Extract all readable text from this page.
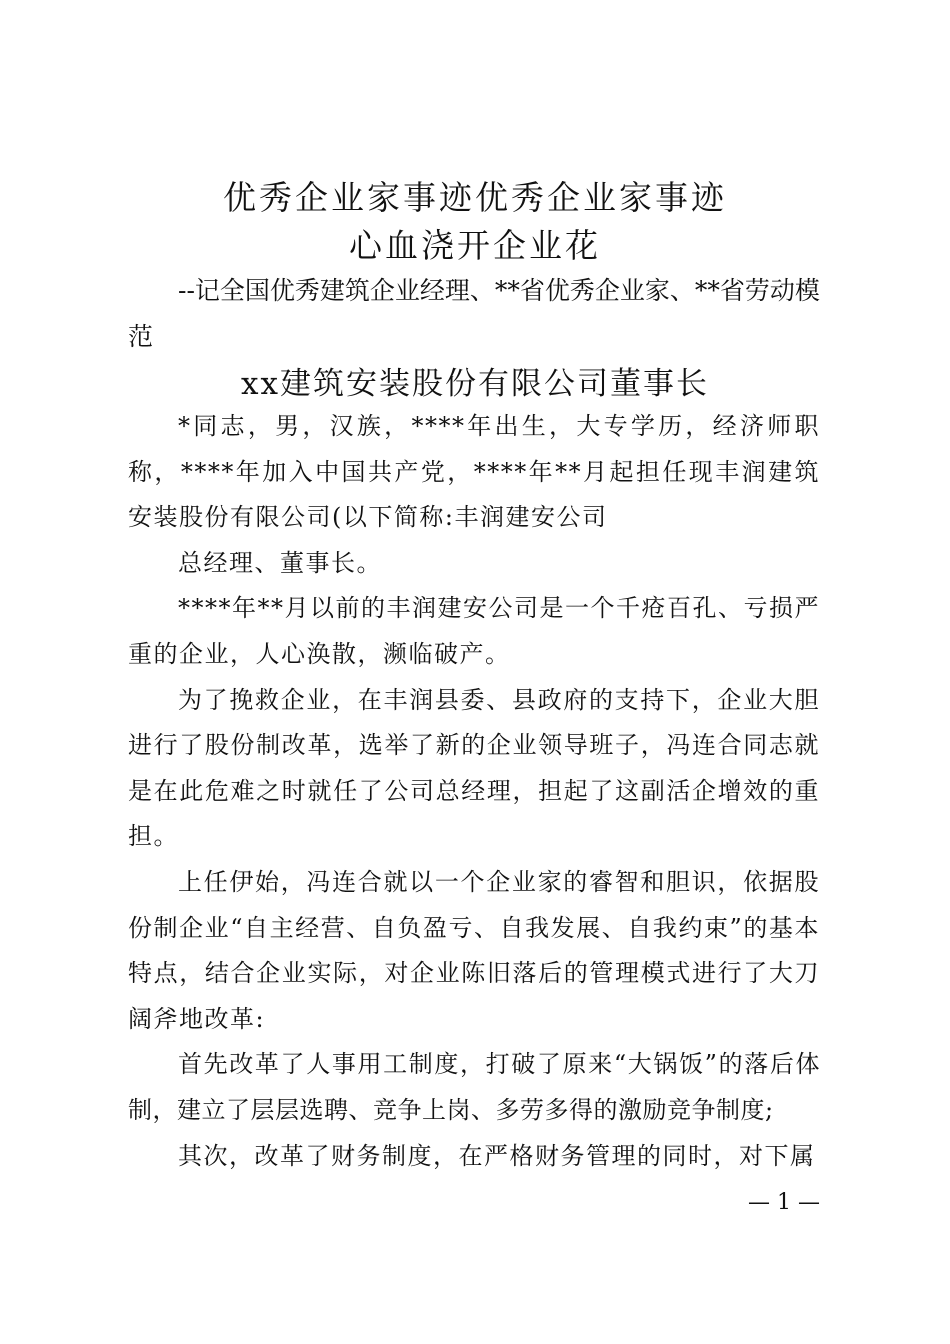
优秀企业家事迹优秀企业家事迹
心血浇开企业花
--记全国优秀建筑企业经理、**省优秀企业家、**省劳动模范
xx建筑安装股份有限公司董事长

*同志，男，汉族，****年出生，大专学历，经济师职称，****年加入中国共产党，****年**月起担任现丰润建筑安装股份有限公司(以下简称:丰润建安公司

总经理、董事长。

****年**月以前的丰润建安公司是一个千疮百孔、亏损严重的企业，人心涣散，濒临破产。

为了挽救企业，在丰润县委、县政府的支持下，企业大胆进行了股份制改革，选举了新的企业领导班子，冯连合同志就是在此危难之时就任了公司总经理，担起了这副活企增效的重担。

上任伊始，冯连合就以一个企业家的睿智和胆识，依据股份制企业“自主经营、自负盈亏、自我发展、自我约束”的基本特点，结合企业实际，对企业陈旧落后的管理模式进行了大刀阔斧地改革:

首先改革了人事用工制度，打破了原来“大锅饭”的落后体制，建立了层层选聘、竞争上岗、多劳多得的激励竞争制度;

其次，改革了财务制度，在严格财务管理的同时，对下属

— 1 —
